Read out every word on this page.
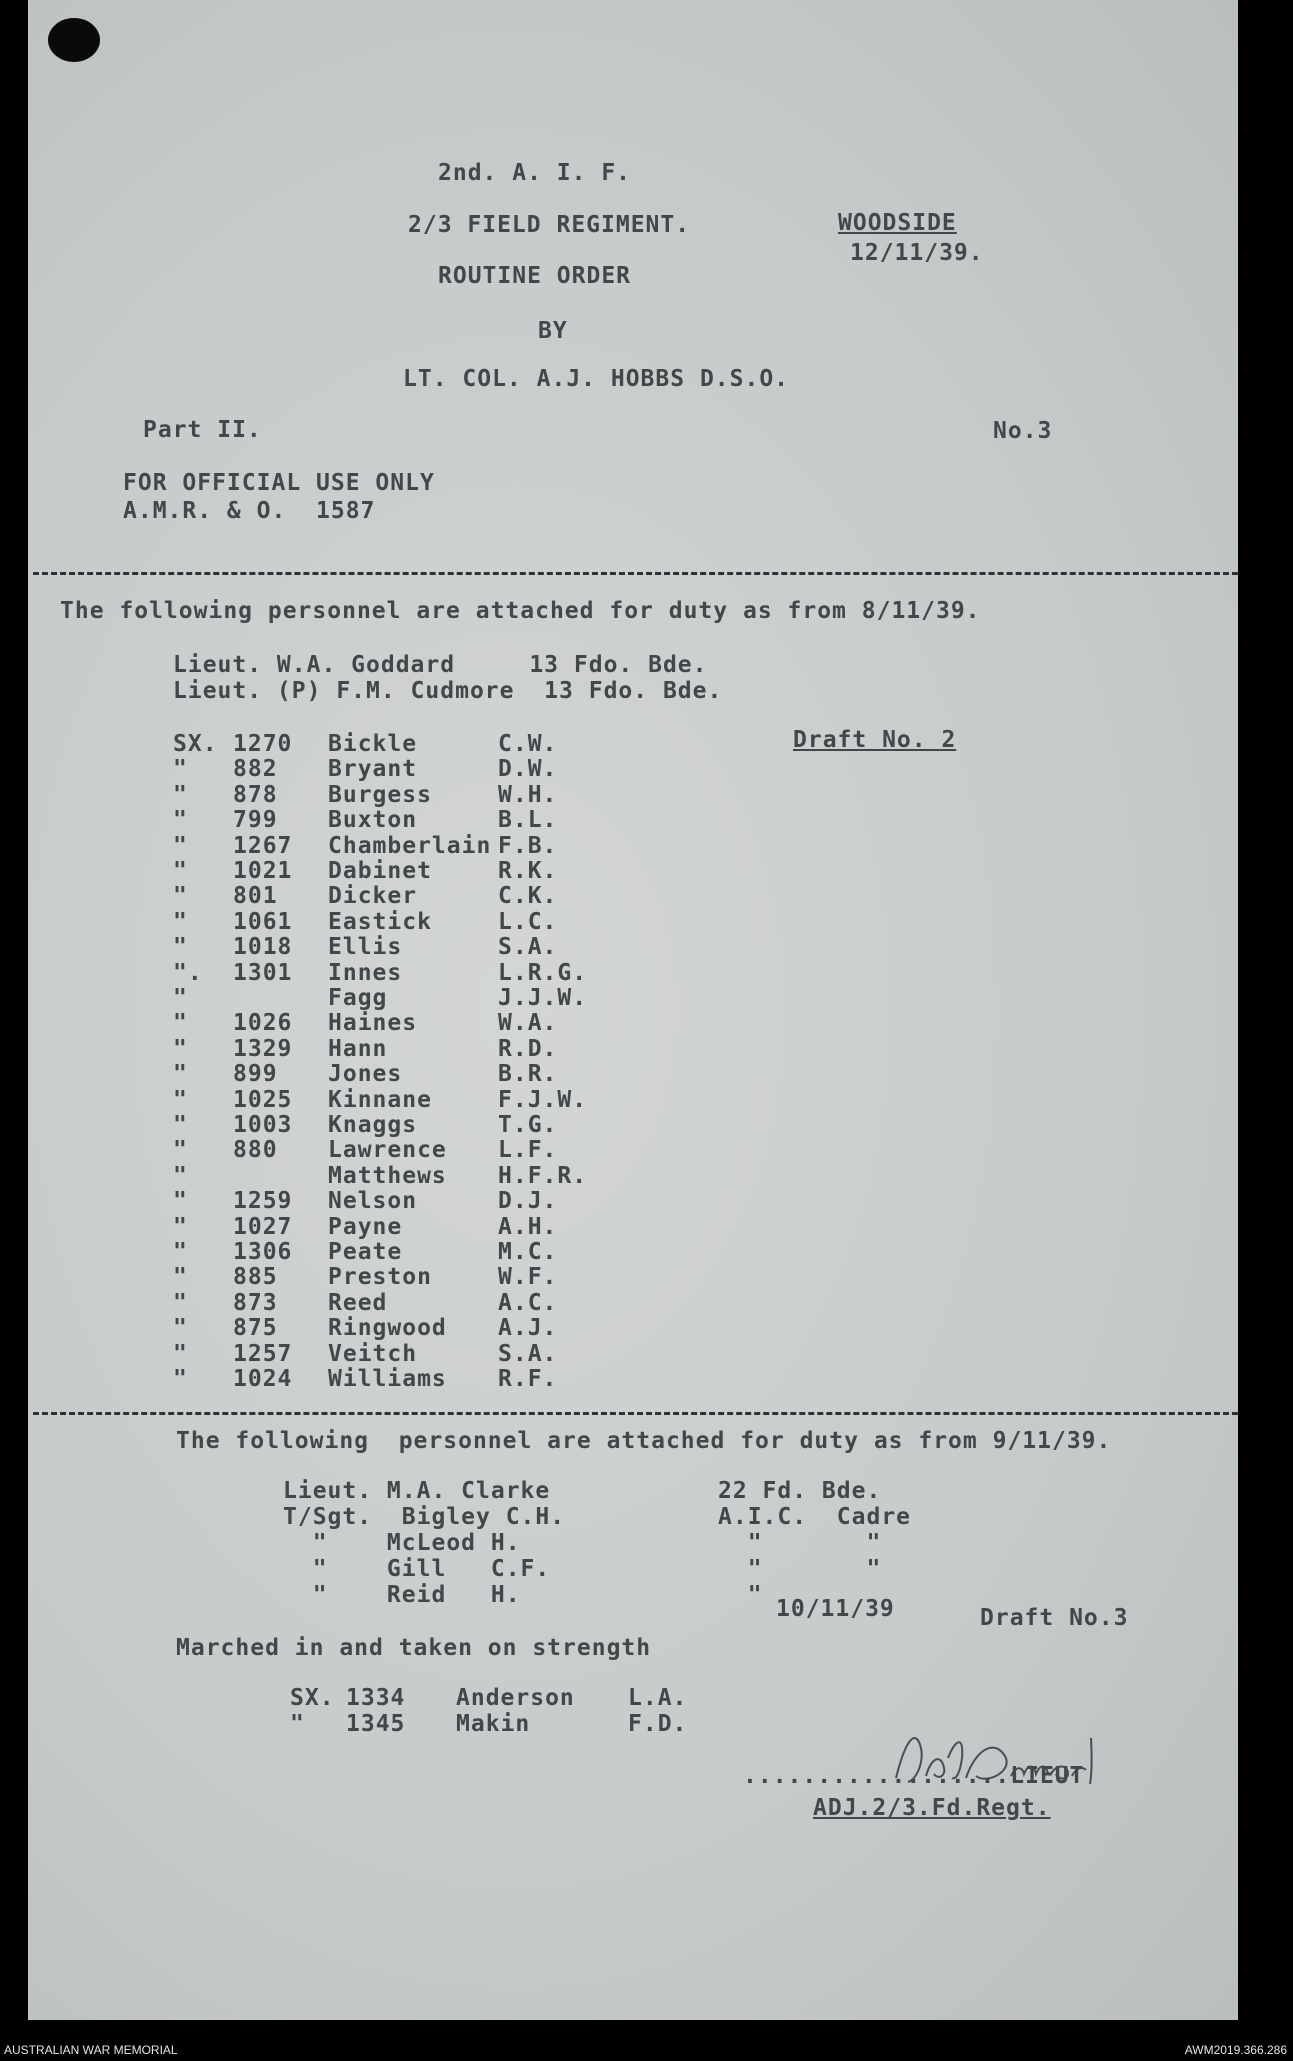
2nd. A. I. F.
2/3 FIELD REGIMENT.	WOODSIDE
12/11/39.
ROUTINE ORDER
BY
LT. COL. A.J. HOBBS D.S.O.
Part II.	No.3
FOR OFFICIAL USE ONLY
A.M.R. & O.  1587
The following personnel are attached for duty as from 8/11/39.
Lieut. W.A. Goddard     13 Fdo. Bde.
Lieut. (P) F.M. Cudmore  13 Fdo. Bde.
Draft No. 2
SX. 1270 Bickle	C.W.
" 882 Bryant	D.W.
" 878 Burgess	W.H.
" 799 Buxton	B.L.
" 1267 Chamberlain F.B.
" 1021 Dabinet	R.K.
" 801 Dicker	C.K.
" 1061 Eastick	L.C.
" 1018 Ellis	S.A.
". 1301 Innes	L.R.G.
"	Fagg	J.J.W.
" 1026 Haines	W.A.
" 1329 Hann	R.D.
" 899 Jones	B.R.
" 1025 Kinnane	F.J.W.
" 1003 Knaggs	T.G.
" 880 Lawrence L.F.
"	Matthews H.F.R.
" 1259 Nelson	D.J.
" 1027 Payne	A.H.
" 1306 Peate	M.C.
" 885 Preston	W.F.
" 873 Reed	A.C.
" 875 Ringwood A.J.
" 1257 Veitch	S.A.
" 1024 Williams R.F.
The following  personnel are attached for duty as from 9/11/39.
Lieut. M.A. Clarke	22 Fd. Bde.
T/Sgt.  Bigley C.H.	A.I.C.  Cadre
"    McLeod H.	"       "
"    Gill   C.F.	"       "
"    Reid   H.	"
10/11/39	Draft No.3
Marched in and taken on strength
SX. 1334 Anderson L.A.
" 1345 Makin	F.D.
..................LIEUT
ADJ.2/3.Fd.Regt.
AUSTRALIAN WAR MEMORIAL	AWM2019.366.286
